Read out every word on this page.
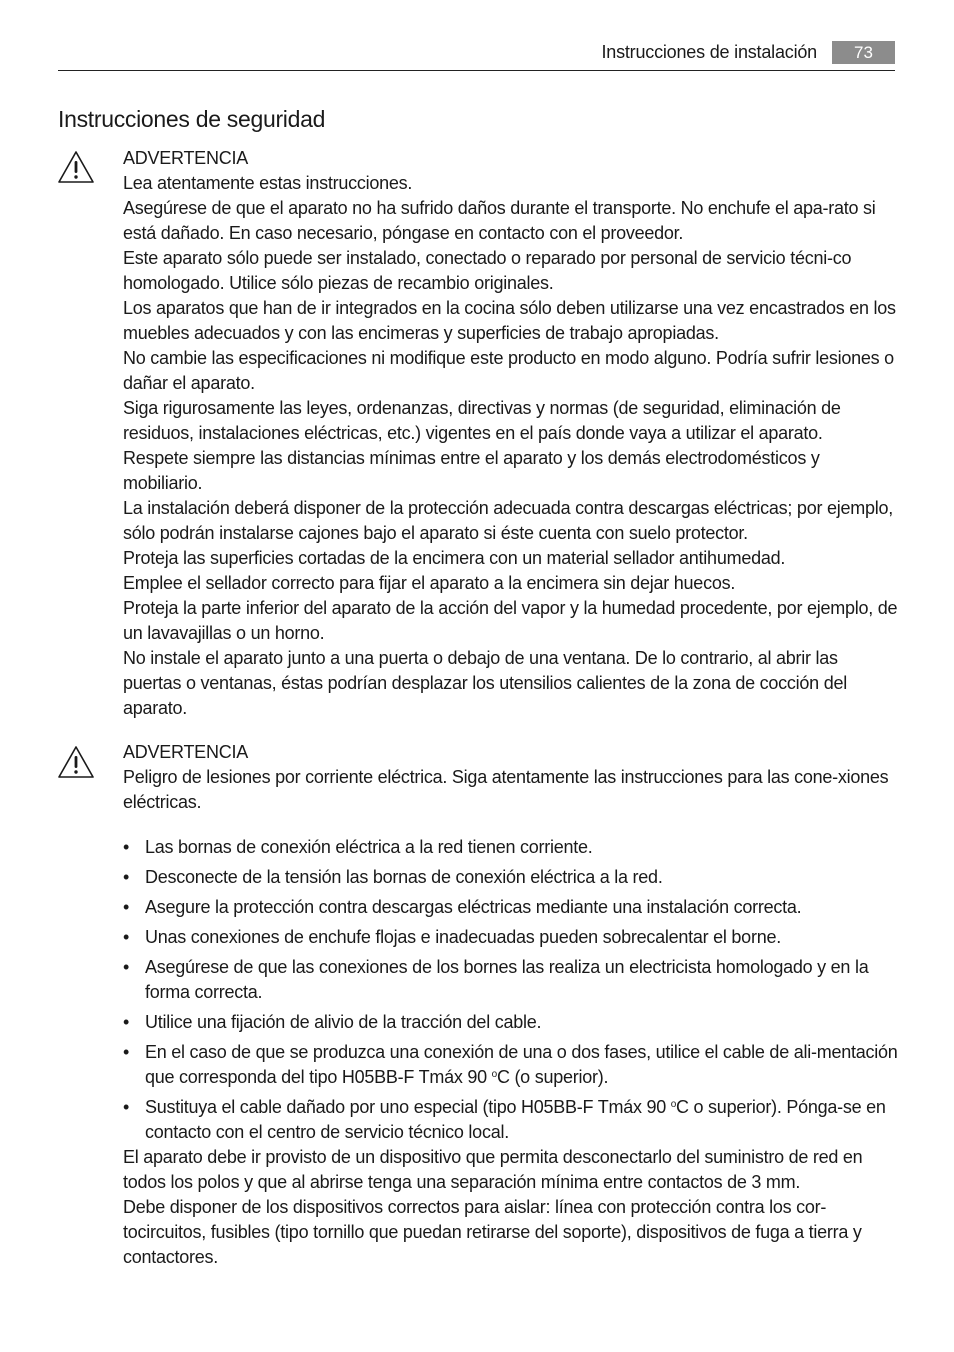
Instrucciones de instalación	73
Instrucciones de seguridad

ADVERTENCIA

Lea atentamente estas instrucciones.

Asegúrese de que el aparato no ha sufrido daños durante el transporte. No enchufe el apa-rato si está dañado. En caso necesario, póngase en contacto con el proveedor.

Este aparato sólo puede ser instalado, conectado o reparado por personal de servicio técni-co homologado. Utilice sólo piezas de recambio originales.

Los aparatos que han de ir integrados en la cocina sólo deben utilizarse una vez encastrados en los muebles adecuados y con las encimeras y superficies de trabajo apropiadas.

No cambie las especificaciones ni modifique este producto en modo alguno. Podría sufrir lesiones o dañar el aparato.

Siga rigurosamente las leyes, ordenanzas, directivas y normas (de seguridad, eliminación de residuos, instalaciones eléctricas, etc.) vigentes en el país donde vaya a utilizar el aparato.

Respete siempre las distancias mínimas entre el aparato y los demás electrodomésticos y mobiliario.

La instalación deberá disponer de la protección adecuada contra descargas eléctricas; por ejemplo, sólo podrán instalarse cajones bajo el aparato si éste cuenta con suelo protector.

Proteja las superficies cortadas de la encimera con un material sellador antihumedad.

Emplee el sellador correcto para fijar el aparato a la encimera sin dejar huecos.

Proteja la parte inferior del aparato de la acción del vapor y la humedad procedente, por ejemplo, de un lavavajillas o un horno.

No instale el aparato junto a una puerta o debajo de una ventana. De lo contrario, al abrir las puertas o ventanas, éstas podrían desplazar los utensilios calientes de la zona de cocción del aparato.

ADVERTENCIA

Peligro de lesiones por corriente eléctrica. Siga atentamente las instrucciones para las cone-xiones eléctricas.

• Las bornas de conexión eléctrica a la red tienen corriente.
• Desconecte de la tensión las bornas de conexión eléctrica a la red.
• Asegure la protección contra descargas eléctricas mediante una instalación correcta.
• Unas conexiones de enchufe flojas e inadecuadas pueden sobrecalentar el borne.
• Asegúrese de que las conexiones de los bornes las realiza un electricista homologado y en la forma correcta.
• Utilice una fijación de alivio de la tracción del cable.
• En el caso de que se produzca una conexión de una o dos fases, utilice el cable de ali-mentación que corresponda del tipo H05BB-F Tmáx 90 $^o$C (o superior).
• Sustituya el cable dañado por uno especial (tipo H05BB-F Tmáx 90 $^o$C o superior). Pónga-se en contacto con el centro de servicio técnico local.

El aparato debe ir provisto de un dispositivo que permita desconectarlo del suministro de red en todos los polos y que al abrirse tenga una separación mínima entre contactos de 3 mm.

Debe disponer de los dispositivos correctos para aislar: línea con protección contra los cor-tocircuitos, fusibles (tipo tornillo que puedan retirarse del soporte), dispositivos de fuga a tierra y contactores.
